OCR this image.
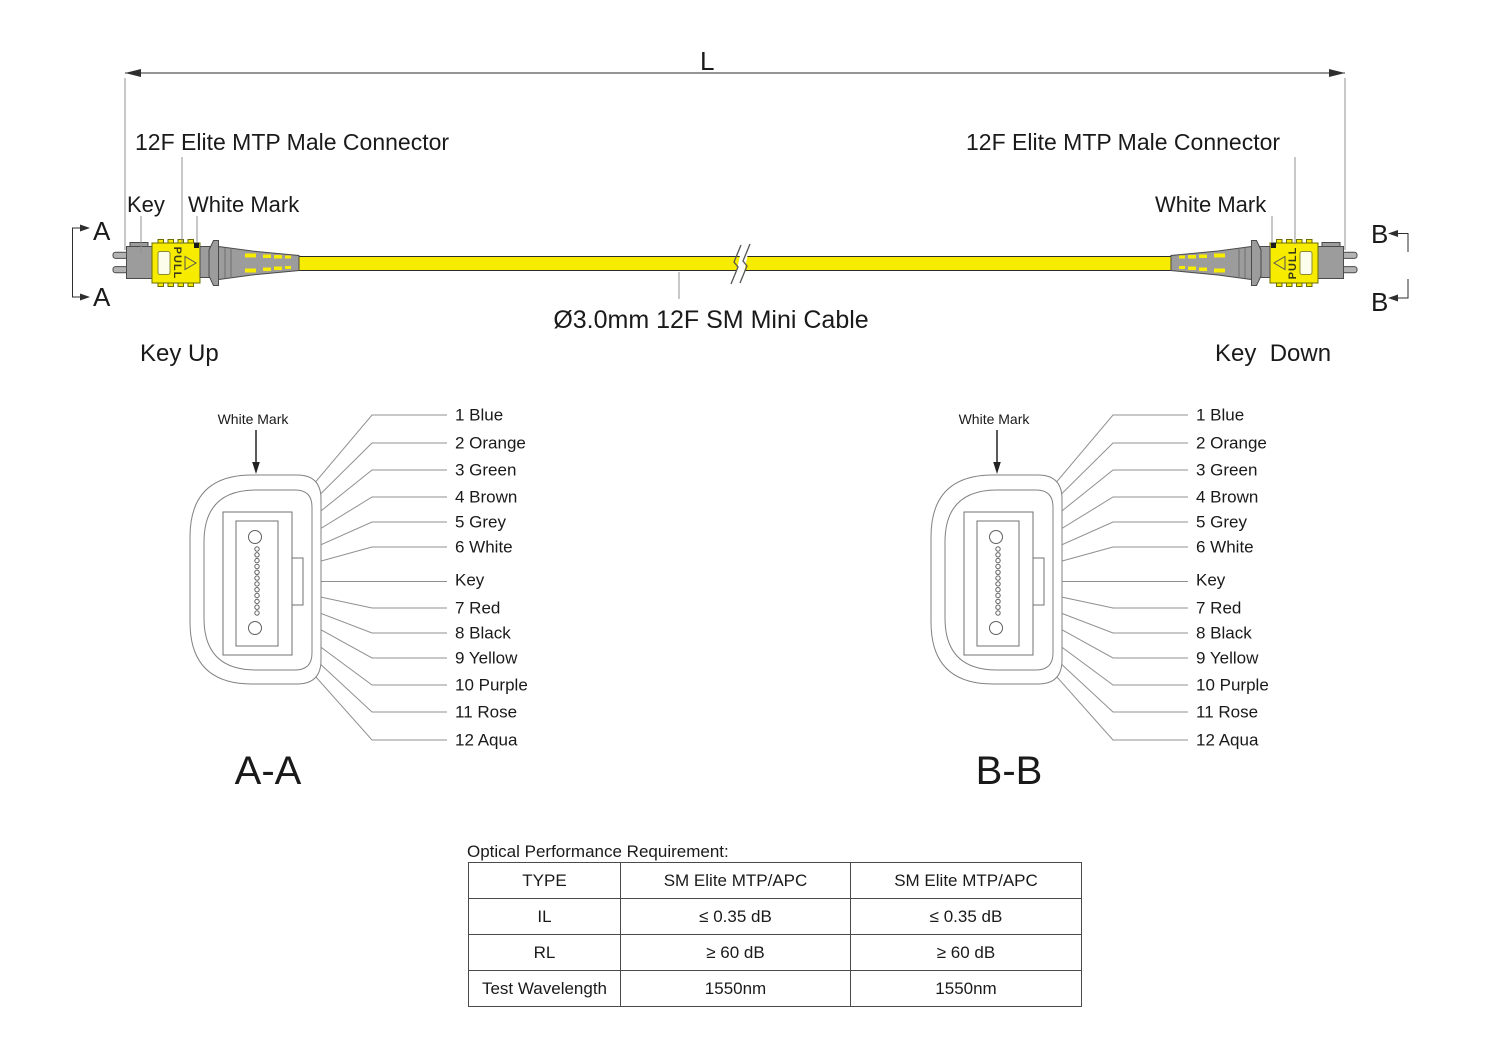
L
PULL	PULL
12F Elite MTP Male Connector
Key White Mark
Key Up
A
A
12F Elite MTP Male Connector
White Mark
Key  Down
B
B
Ø3.0mm 12F SM Mini Cable
White Mark	White Mark
A-A	B-B
1 Blue
2 Orange
3 Green
4 Brown
5 Grey
6 White
Key
7 Red
8 Black
9 Yellow
10 Purple
11 Rose
12 Aqua
1 Blue
2 Orange
3 Green
4 Brown
5 Grey
6 White
Key
7 Red
8 Black
9 Yellow
10 Purple
11 Rose
12 Aqua
Optical Performance Requirement:
TYPE	SM Elite MTP/APC	SM Elite MTP/APC
IL	≤ 0.35 dB	≤ 0.35 dB
RL	≥ 60 dB	≥ 60 dB
Test Wavelength	1550nm	1550nm
